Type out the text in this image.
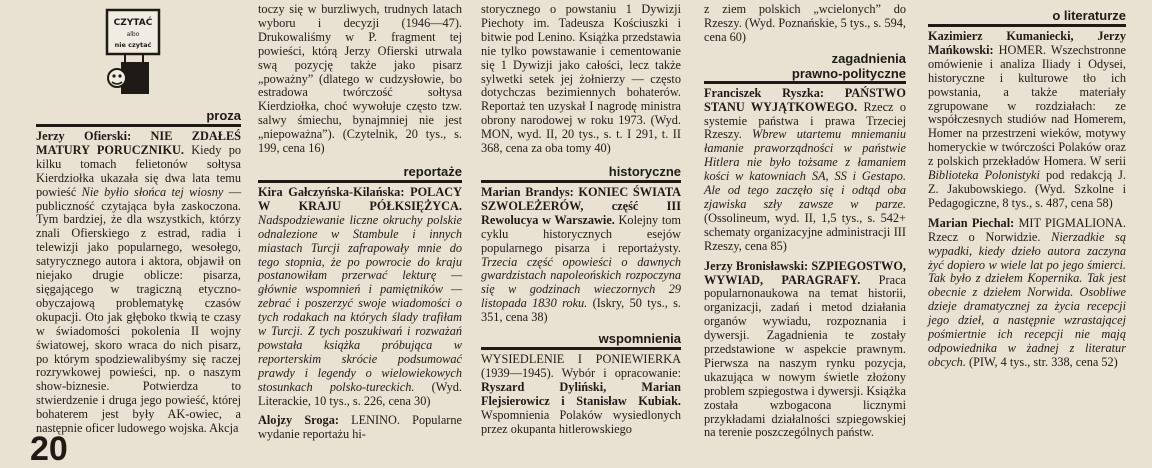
CZYTAĆ
albo
nie czytać
proza

Jerzy Ofierski: NIE ZDAŁEŚ MATURY PORUCZNIKU. Kiedy po kilku tomach felietonów sołtysa Kierdziołka ukazała się dwa lata temu powieść Nie byłio słońca tej wiosny — publiczność czytająca była zaskoczona. Tym bardziej, że dla wszystkich, którzy znali Ofierskiego z estrad, radia i telewizji jako popularnego, wesołego, satyrycznego autora i aktora, objawił on niejako drugie oblicze: pisarza, sięgającego w tragiczną etyczno-obyczajową problematykę czasów okupacji. Oto jak głęboko tkwią te czasy w świadomości pokolenia II wojny światowej, skoro wraca do nich pisarz, po którym spodziewalibyśmy się raczej rozrywkowej powieści, np. o naszym show-biznesie. Potwierdza to stwierdzenie i druga jego powieść, której bohaterem jest były AK-owiec, a następnie oficer ludowego wojska. Akcja

toczy się w burzliwych, trudnych latach wyboru i decyzji (1946—47). Drukowaliśmy w P. fragment tej powieści, którą Jerzy Ofierski utrwala swą pozycję także jako pisarz „poważny” (dlatego w cudzysłowie, bo estradowa twórczość sołtysa Kierdziołka, choć wywołuje często tzw. salwy śmiechu, bynajmniej nie jest „niepoważna”). (Czytelnik, 20 tys., s. 199, cena 16)

reportaże

Kira Gałczyńska-Kilańska: POLACY W KRAJU PÓŁKSIĘŻYCA. Nadspodziewanie liczne okruchy polskie odnalezione w Stambule i innych miastach Turcji zafrapowały mnie do tego stopnia, że po powrocie do kraju postanowiłam przerwać lekturę — głównie wspomnień i pamiętników — zebrać i poszerzyć swoje wiadomości o tych rodakach na których ślady trafiłam w Turcji. Z tych poszukiwań i rozważań powstała książka próbująca w reporterskim skrócie podsumować prawdy i legendy o wielowiekowych stosunkach polsko-tureckich. (Wyd. Literackie, 10 tys., s. 226, cena 30)

Alojzy Sroga: LENINO. Popularne wydanie reportażu hi-

storycznego o powstaniu 1 Dywizji Piechoty im. Tadeusza Kościuszki i bitwie pod Lenino. Książka przedstawia nie tylko powstawanie i cementowanie się 1 Dywizji jako całości, lecz także sylwetki setek jej żołnierzy — często dotychczas bezimiennych bohaterów. Reportaż ten uzyskał I nagrodę ministra obrony narodowej w roku 1973. (Wyd. MON, wyd. II, 20 tys., s. t. I 291, t. II 368, cena za oba tomy 40)

historyczne

Marian Brandys: KONIEC ŚWIATA SZWOLEŻERÓW, część III Rewolucya w Warszawie. Kolejny tom cyklu historycznych esejów popularnego pisarza i reportażysty. Trzecia część opowieści o dawnych gwardzistach napoleońskich rozpoczyna się w godzinach wieczornych 29 listopada 1830 roku. (Iskry, 50 tys., s. 351, cena 38)

wspomnienia

WYSIEDLENIE I PONIEWIERKA (1939—1945). Wybór i opracowanie: Ryszard Dyliński, Marian Flejsierowicz i Stanisław Kubiak. Wspomnienia Polaków wysiedlonych przez okupanta hitlerowskiego

z ziem polskich „wcielonych” do Rzeszy. (Wyd. Poznańskie, 5 tys., s. 594, cena 60)

zagadnienia
prawno-polityczne

Franciszek Ryszka: PAŃSTWO STANU WYJĄTKOWEGO. Rzecz o systemie państwa i prawa Trzeciej Rzeszy. Wbrew utartemu mniemaniu łamanie praworządności w państwie Hitlera nie było tożsame z łamaniem kości w katowniach SA, SS i Gestapo. Ale od tego zaczęło się i odtąd oba zjawiska szły zawsze w parze. (Ossolineum, wyd. II, 1,5 tys., s. 542+ schematy organizacyjne administracji III Rzeszy, cena 85)

Jerzy Bronisławski: SZPIEGOSTWO, WYWIAD, PARAGRAFY. Praca popularnonaukowa na temat historii, organizacji, zadań i metod działania organów wywiadu, rozpoznania i dywersji. Zagadnienia te zostały przedstawione w aspekcie prawnym. Pierwsza na naszym rynku pozycja, ukazująca w nowym świetle złożony problem szpiegostwa i dywersji. Książka została wzbogacona licznymi przykładami działalności szpiegowskiej na terenie poszczególnych państw.

o literaturze

Kazimierz Kumaniecki, Jerzy Mańkowski: HOMER. Wszechstronne omówienie i analiza Iliady i Odysei, historyczne i kulturowe tło ich powstania, a także materiały zgrupowane w rozdziałach: ze współczesnych studiów nad Homerem, Homer na przestrzeni wieków, motywy homeryckie w twórczości Polaków oraz z polskich przekładów Homera. W serii Biblioteka Polonistyki pod redakcją J. Z. Jakubowskiego. (Wyd. Szkolne i Pedagogiczne, 8 tys., s. 487, cena 58)

Marian Piechal: MIT PIGMALIONA. Rzecz o Norwidzie. Nierzadkie są wypadki, kiedy dzieło autora zaczyna żyć dopiero w wiele lat po jego śmierci. Tak było z dziełem Kopernika. Tak jest obecnie z dziełem Norwida. Osobliwe dzieje dramatycznej za życia recepcji jego dzieł, a następnie wzrastającej pośmiertnie ich recepcji nie mają odpowiednika w żadnej z literatur obcych. (PIW, 4 tys., str. 338, cena 52)

20
